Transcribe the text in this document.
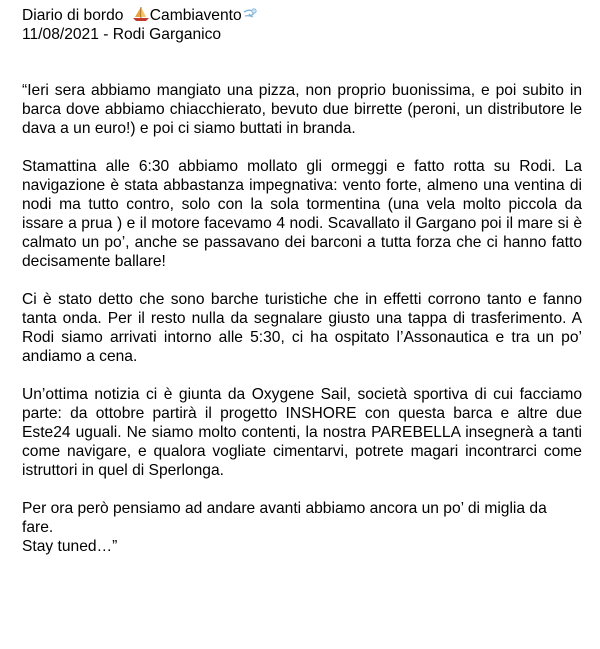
Diario di bordo Cambiavento
11/08/2021 - Rodi Garganico

“Ieri sera abbiamo mangiato una pizza, non proprio buonissima, e poi subito in barca dove abbiamo chiacchierato, bevuto due birrette (peroni, un distributore le dava a un euro!) e poi ci siamo buttati in branda.

Stamattina alle 6:30 abbiamo mollato gli ormeggi e fatto rotta su Rodi. La navigazione è stata abbastanza impegnativa: vento forte, almeno una ventina di nodi ma tutto contro, solo con la sola tormentina (una vela molto piccola da issare a prua ) e il motore facevamo 4 nodi. Scavallato il Gargano poi il mare si è calmato un po’, anche se passavano dei barconi a tutta forza che ci hanno fatto decisamente ballare!

Ci è stato detto che sono barche turistiche che in effetti corrono tanto e fanno tanta onda. Per il resto nulla da segnalare giusto una tappa di trasferimento. A Rodi siamo arrivati intorno alle 5:30, ci ha ospitato l’Assonautica e tra un po’ andiamo a cena.

Un’ottima notizia ci è giunta da Oxygene Sail, società sportiva di cui facciamo parte: da ottobre partirà il progetto INSHORE con questa barca e altre due Este24 uguali. Ne siamo molto contenti, la nostra PAREBELLA insegnerà a tanti come navigare, e qualora vogliate cimentarvi, potrete magari incontrarci come istruttori in quel di Sperlonga.

Per ora però pensiamo ad andare avanti abbiamo ancora un po’ di miglia da fare.
Stay tuned…”
